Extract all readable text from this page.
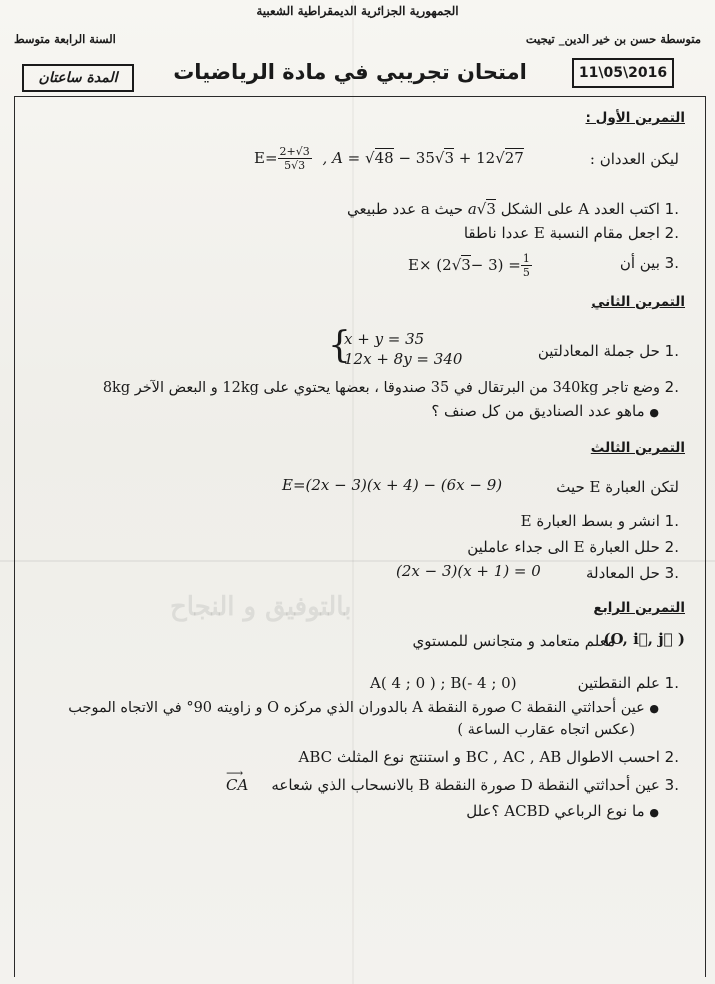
الجمهورية الجزائرية الديمقراطية الشعبية
متوسطة حسن بن خير الدين_ تيجيت
السنة الرابعة متوسط
11\05\2016
امتحان تجريبي في مادة الرياضيات
المدة ساعتان
التمرين الأول :
ليكن العددان :
$E= \frac{2+√3}{5√3}$ , A = √48 − 35√3 + 12√27
.1 اكتب العدد A على الشكل a√3 حيث a عدد طبيعي
.2 اجعل مقام النسبة E عددا ناطقا
.3 بين أن
$E\times (2√3- 3) = \frac{1}{5}$
التمرين الثاني
.1 حل جملة المعادلتين
{
x + y = 35
12x + 8y = 340
.2 وضع تاجر 340kg من البرتقال في 35 صندوقا ، بعضها يحتوي على 12kg و البعض الآخر 8kg
● ماهو عدد الصناديق من كل صنف ؟
التمرين الثالث
لتكن العبارة E حيث
E=(2x − 3)(x + 4) − (6x − 9)
.1 انشر و بسط العبارة E
.2 حلل العبارة E الى جداء عاملين
.3 حل المعادلة
(2x − 3)(x + 1) = 0
بالتوفيق و النجاح	التمرين الرابع
معلم متعامد و متجانس للمستوي
(O, i⃗, j⃗ )
.1 علم النقطتين
A( 4 ; 0 ) ; B(- 4 ; 0)
● عين أحداثتي النقطة C صورة النقطة A بالدوران الذي مركزه O و زاويته 90° في الاتجاه الموجب
(عكس اتجاه عقارب الساعة )
.2 احسب الاطوال BC , AC , AB و استنتج نوع المثلث ABC
.3 عين أحداثتي النقطة D صورة النقطة B بالانسحاب الذي شعاعه
⟶
CA
● ما نوع الرباعي ACBD ؟علل
